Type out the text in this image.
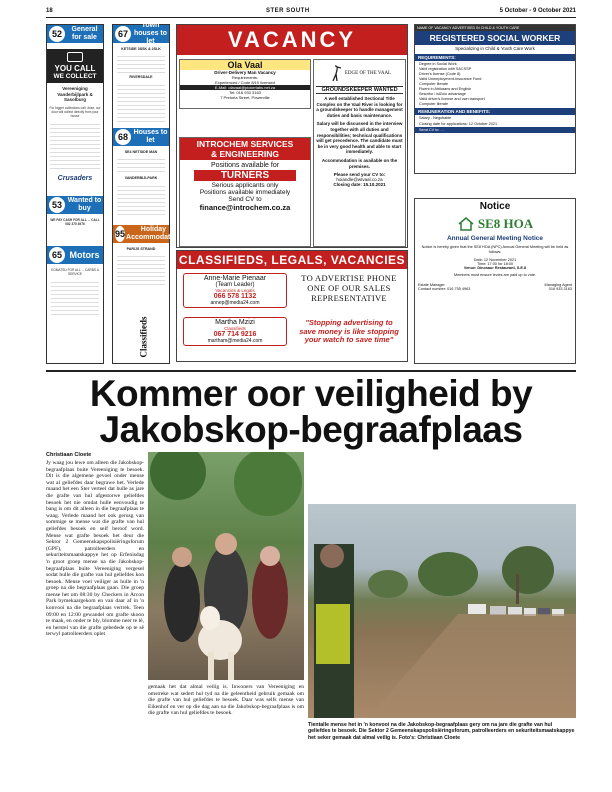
18	STER SOUTH	5 October - 9 October 2021
52	General for sale
YOU CALL
WE COLLECT
Vereeniging Vanderbijlpark & Sasolburg
For bigger collections call, dose, our door will collect directly from your house
Crusaders
53 Wanted to buy
WE PAY CASH FOR ALL ... CALL 082 370 4976
65 Motors
KOMATSU FOR ALL ... CARBS A SERVICE
67
Town houses to let
KETSIDE 3SSK & 2SLK
RIVERSDALE
68 Houses to let
SE4 NETSIDE MAN
VANDERBIJLPARK
95	Holiday Accommodation
PARIJS STRAND
Classifieds
VACANCY
Ola Vaal
Driver-Delivery Man Vacancy
Requirements:
Experienced / Code 8/10 licensed
E-Mail: olavaal@pickerlabs.net.za
Tel: 016 933 3163
7 Pretoria Street, Powerville
INTROCHEM SERVICES
& ENGINEERING
Positions available for
TURNERS
Serious applicants only
Positions available immediately
Send CV to
finance@introchem.co.za
EDGE OF THE VAAL
GROUNDSKEEPER WANTED
A well established Sectional Title Complex on the Vaal River is looking for a groundskeeper to handle management duties and basic maintenance.
Salary will be discussed in the interview together with all duties and responsibilities; technical qualifications will get precedence. The candidate must be in very good health and able to start immediately.
Accommodation is available on the premises.
Please send your CV to:
hoiandle@wtvaal.co.za
Closing date: 15.10.2021
CLASSIFIEDS, LEGALS, VACANCIES
Anne-Marie Pienaar
(Team Leader)
Vacancies & Legals
066 578 1132
annep@media24.com
Martha Mzizi
Classifieds
067 714 9216
martham@media24.com
TO ADVERTISE PHONE ONE OF OUR SALES REPRESENTATIVE
"Stopping advertising to save money is like stopping your watch to save time"
NAME OF VACANCY ADVERTISED IN CHILD & YOUTH CARE
REGISTERED SOCIAL WORKER
Specializing in Child & Youth Care Work
REQUIREMENTS:
Degree in Social Work
Valid registration with SACSSP
Driver's license (Code 8)
Valid Unemployment-Insurance Fund
Computer literate
Fluent in Afrikaans and English
Sesotho / isiZulu advantage
Valid driver's license and own transport
Computer literate
REMUNERATION AND BENEFITS:
Salary - Negotiable
Closing date for applications: 12 October 2021
Send CV to: ...
Notice
SE8 HOA
Annual General Meeting Notice
Notice is hereby given that the SE8 HOA (NPC) Annual General Meeting will be held as follows:
Date: 12 November 2021
Time: 17:00 for 18:00
Venue: Dinosaur Restaurant, S.E.8
Members must ensure levies are paid up to vote.
Estate Manager
Contact number: 016 755 4963
Managing Agent
016 933 3163
Kommer oor veiligheid by Jakobskop-begraafplaas
Christiaan Cloete
Jy waag jou lewe om alleen die Jakobskop-begraafplaas buite Vereeniging te besoek. Dit is die algemene gevoel onder mense wat al geliefdes daar begrawe het. Verlede maand het een Ster verteel dat hulle as jare die grafte van hul afgestorwe geliefdes besoek het nie omdat hulle eenvoudig te bang is om dit alleen in die begraafplaas te waag. Verlede maand het ook gerusg van sommige se mense wat die grafte van hul geliefdes besoek en self beroof word. Mense wat grafte besoek het deur die Sektor 2 Gemeenskapspolisiëringsforum (GPF), patrolleerders en sekuriteitsmaatskappye het op Erfenisdag 'n groot groep mense na die Jakobskop-begraafplaas buite Vereeniging vergesel sodat hulle die grafte van hul geliefdes kon besoek. Mense voel veiliger as hulle in 'n groep na die begraafplaas gaan. Die groep mense het om 08:30 by Checkers in Arcon Park bymekaargekom en van daar af in 'n konvooi na die begraafplaas vertrek. Teen 09:00 en 12:00 gewandel om grafte skoon te maak, en onder te bly, blomme neer te lê, en herstel van die grafte gebedede op te sê terwyl patrolleerders oplet
gemaak het dat almal veilig is. Inwoners van Vereeniging en omstreke wat sedert hul tyd na die geleentheid gebruik gemaak om die grafte van hul geliefdes te besoek. Daar was selfs mense van Eikenhof en ver op die dag aan na die Jakobskop-begraafplaas is om die grafte van hul geliefdes te besoek.
Tientalle mense het in 'n konvooi na die Jakobskop-begraafplaas gery om na jare die grafte van hul geliefdes te besoek. Die Sektor 2 Gemeenskapspolisiëringsforum, patrolleerders en sekuriteitsmaatskappye het seker gemaak dat almal veilig is. Foto's: Christiaan Cloete
